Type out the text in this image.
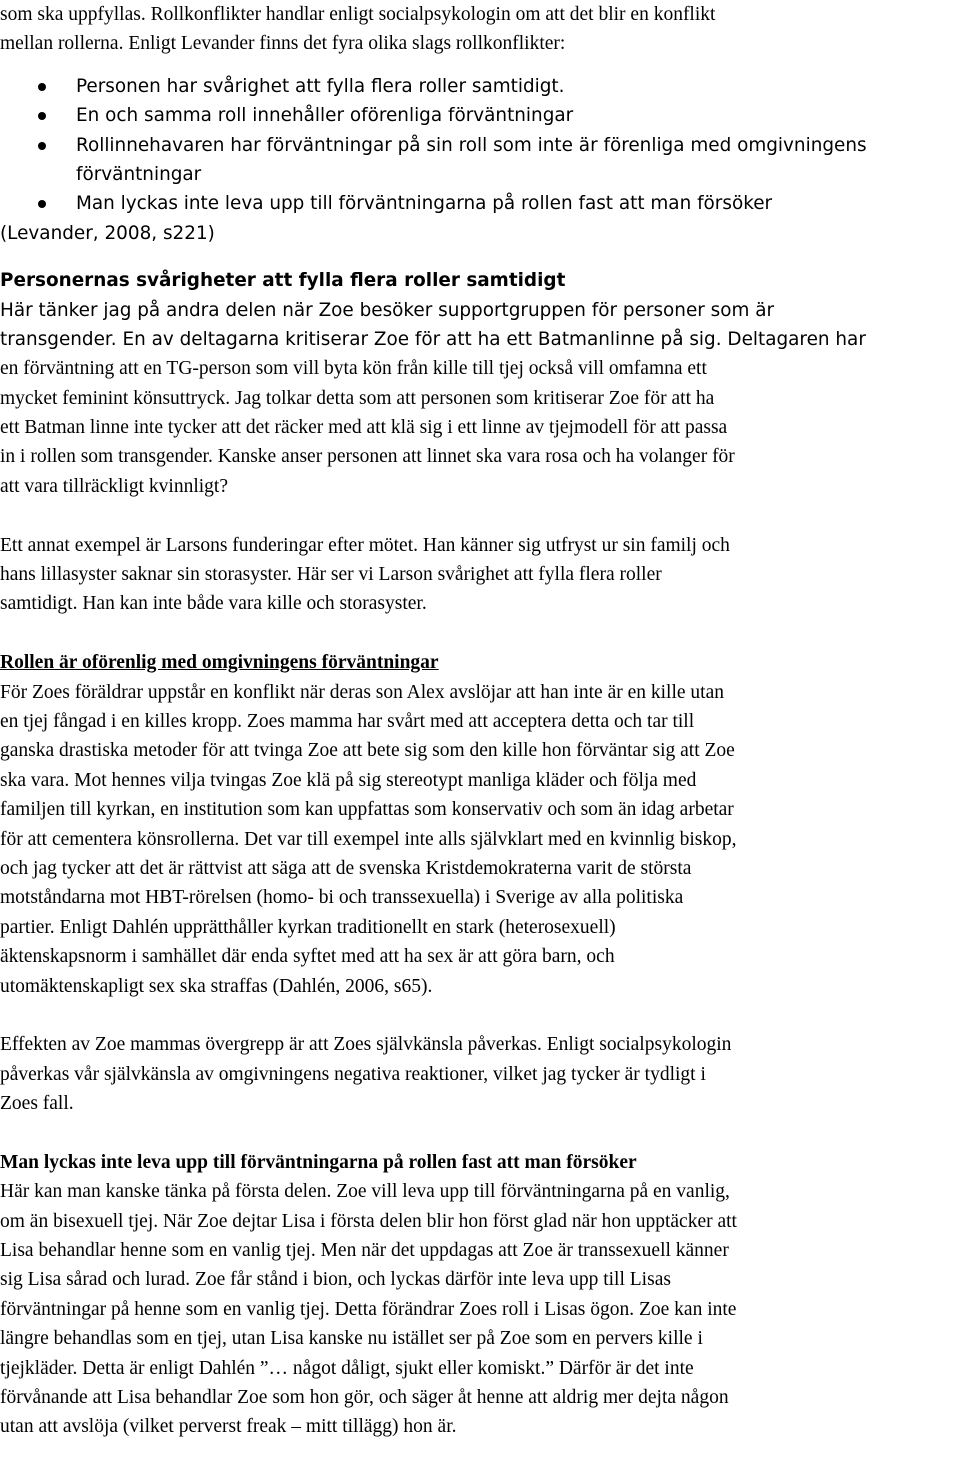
som ska uppfyllas. Rollkonflikter handlar enligt socialpsykologin om att det blir en konflikt
mellan rollerna. Enligt Levander finns det fyra olika slags rollkonflikter:
Personen har svårighet att fylla flera roller samtidigt.
En och samma roll innehåller oförenliga förväntningar
Rollinnehavaren har förväntningar på sin roll som inte är förenliga med omgivningens
förväntningar
Man lyckas inte leva upp till förväntningarna på rollen fast att man försöker
(Levander, 2008, s221)
Personernas svårigheter att fylla flera roller samtidigt
Här tänker jag på andra delen när Zoe besöker supportgruppen för personer som är
transgender. En av deltagarna kritiserar Zoe för att ha ett Batmanlinne på sig. Deltagaren har
en förväntning att en TG-person som vill byta kön från kille till tjej också vill omfamna ett
mycket feminint könsuttryck. Jag tolkar detta som att personen som kritiserar Zoe för att ha
ett Batman linne inte tycker att det räcker med att klä sig i ett linne av tjejmodell för att passa
in i rollen som transgender. Kanske anser personen att linnet ska vara rosa och ha volanger för
att vara tillräckligt kvinnligt?
Ett annat exempel är Larsons funderingar efter mötet. Han känner sig utfryst ur sin familj och
hans lillasyster saknar sin storasyster. Här ser vi Larson svårighet att fylla flera roller
samtidigt. Han kan inte både vara kille och storasyster.
Rollen är oförenlig med omgivningens förväntningar
För Zoes föräldrar uppstår en konflikt när deras son Alex avslöjar att han inte är en kille utan
en tjej fångad i en killes kropp. Zoes mamma har svårt med att acceptera detta och tar till
ganska drastiska metoder för att tvinga Zoe att bete sig som den kille hon förväntar sig att Zoe
ska vara. Mot hennes vilja tvingas Zoe klä på sig stereotypt manliga kläder och följa med
familjen till kyrkan, en institution som kan uppfattas som konservativ och som än idag arbetar
för att cementera könsrollerna. Det var till exempel inte alls självklart med en kvinnlig biskop,
och jag tycker att det är rättvist att säga att de svenska Kristdemokraterna varit de största
motståndarna mot HBT-rörelsen (homo- bi och transsexuella) i Sverige av alla politiska
partier. Enligt Dahlén upprätthåller kyrkan traditionellt en stark (heterosexuell)
äktenskapsnorm i samhället där enda syftet med att ha sex är att göra barn, och
utomäktenskapligt sex ska straffas (Dahlén, 2006, s65).
Effekten av Zoe mammas övergrepp är att Zoes självkänsla påverkas. Enligt socialpsykologin
påverkas vår självkänsla av omgivningens negativa reaktioner, vilket jag tycker är tydligt i
Zoes fall.
Man lyckas inte leva upp till förväntningarna på rollen fast att man försöker
Här kan man kanske tänka på första delen. Zoe vill leva upp till förväntningarna på en vanlig,
om än bisexuell tjej. När Zoe dejtar Lisa i första delen blir hon först glad när hon upptäcker att
Lisa behandlar henne som en vanlig tjej. Men när det uppdagas att Zoe är transsexuell känner
sig Lisa sårad och lurad. Zoe får stånd i bion, och lyckas därför inte leva upp till Lisas
förväntningar på henne som en vanlig tjej. Detta förändrar Zoes roll i Lisas ögon. Zoe kan inte
längre behandlas som en tjej, utan Lisa kanske nu istället ser på Zoe som en pervers kille i
tjejkläder. Detta är enligt Dahlén ”… något dåligt, sjukt eller komiskt.” Därför är det inte
förvånande att Lisa behandlar Zoe som hon gör, och säger åt henne att aldrig mer dejta någon
utan att avslöja (vilket perverst freak – mitt tillägg) hon är.
